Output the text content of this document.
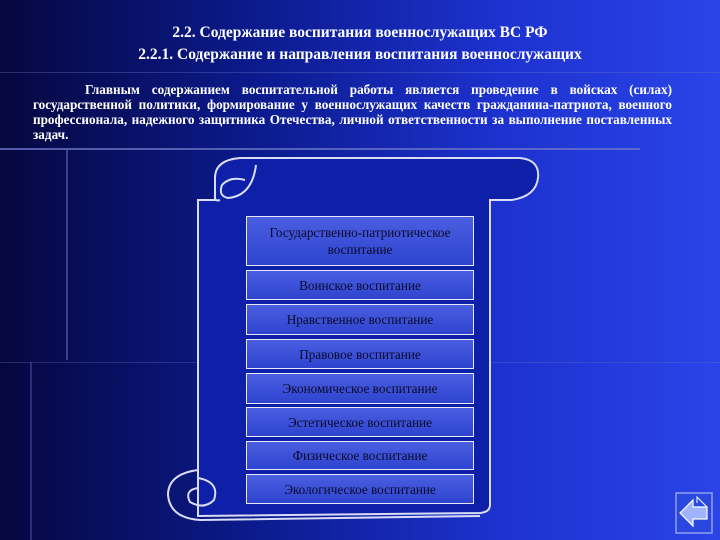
2.2. Содержание воспитания военнослужащих ВС РФ
2.2.1. Содержание и направления воспитания военнослужащих
Главным содержанием воспитательной работы является проведение в войсках (силах) государственной политики, формирование у военнослужащих качеств гражданина-патриота, военного профессионала, надежного защитника Отечества, личной ответственности за выполнение поставленных задач.
Государственно-патриотическое воспитание
Воинское воспитание
Нравственное воспитание
Правовое воспитание
Экономическое воспитание
Эстетическое воспитание
Физическое воспитание
Экологическое воспитание
